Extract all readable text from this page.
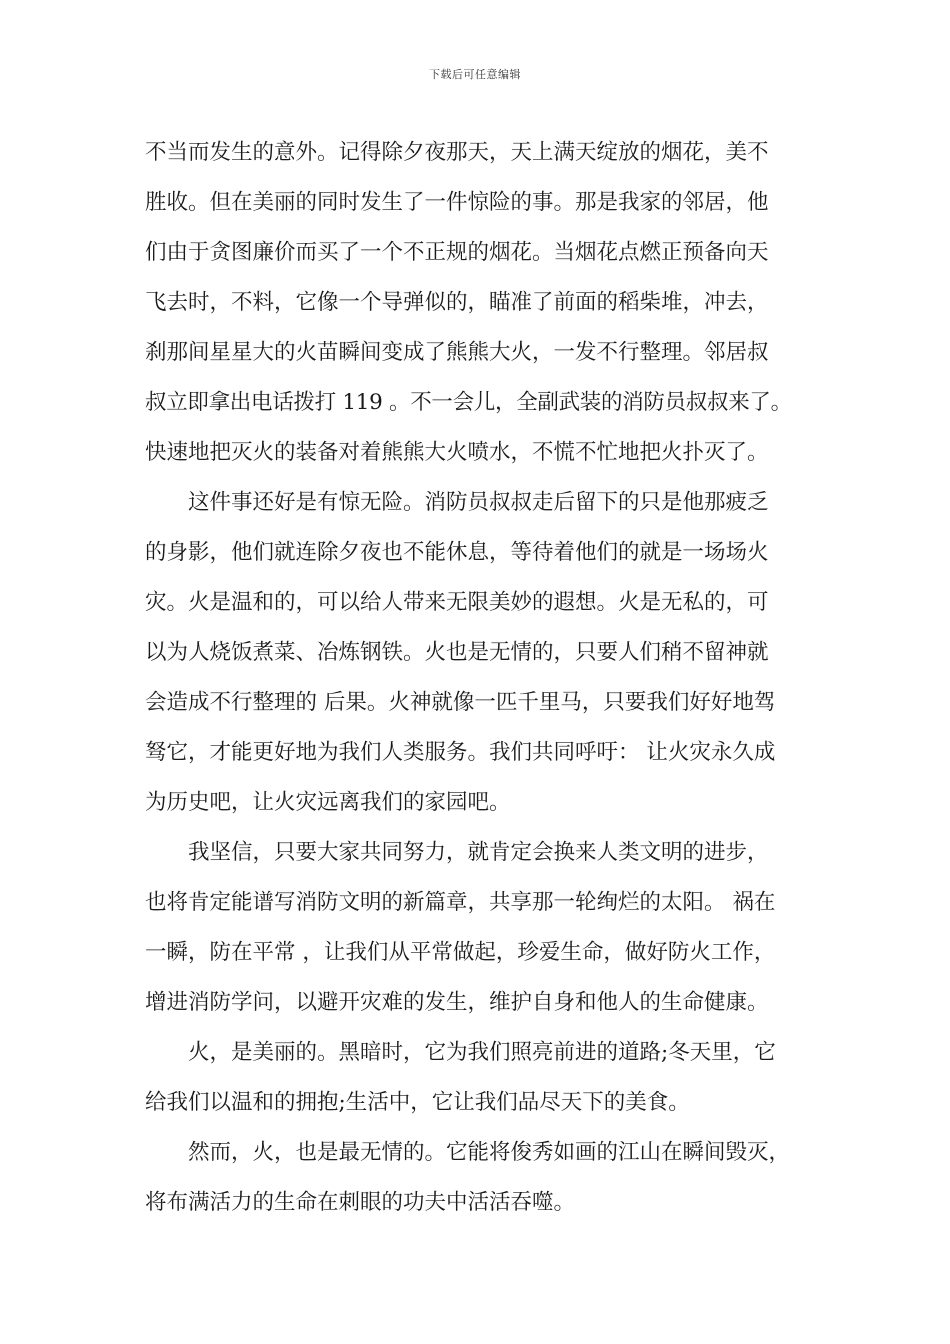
下载后可任意编辑
不当而发生的意外。记得除夕夜那天，天上满天绽放的烟花，美不
胜收。但在美丽的同时发生了一件惊险的事。那是我家的邻居，他
们由于贪图廉价而买了一个不正规的烟花。当烟花点燃正预备向天
飞去时，不料，它像一个导弹似的，瞄准了前面的稻柴堆，冲去，
刹那间星星大的火苗瞬间变成了熊熊大火，一发不行整理。邻居叔
叔立即拿出电话拨打 119 。不一会儿，全副武装的消防员叔叔来了。
快速地把灭火的装备对着熊熊大火喷水，不慌不忙地把火扑灭了。
这件事还好是有惊无险。消防员叔叔走后留下的只是他那疲乏
的身影，他们就连除夕夜也不能休息，等待着他们的就是一场场火
灾。火是温和的，可以给人带来无限美妙的遐想。火是无私的，可
以为人烧饭煮菜、冶炼钢铁。火也是无情的，只要人们稍不留神就
会造成不行整理的 后果。火神就像一匹千里马，只要我们好好地驾
驽它，才能更好地为我们人类服务。我们共同呼吁： 让火灾永久成
为历史吧，让火灾远离我们的家园吧。
我坚信，只要大家共同努力，就肯定会换来人类文明的进步，
也将肯定能谱写消防文明的新篇章，共享那一轮绚烂的太阳。 祸在
一瞬，防在平常 ，让我们从平常做起，珍爱生命，做好防火工作，
增进消防学问，以避开灾难的发生，维护自身和他人的生命健康。
火，是美丽的。黑暗时，它为我们照亮前进的道路;冬天里，它
给我们以温和的拥抱;生活中，它让我们品尽天下的美食。
然而，火，也是最无情的。它能将俊秀如画的江山在瞬间毁灭，
将布满活力的生命在刺眼的功夫中活活吞噬。
